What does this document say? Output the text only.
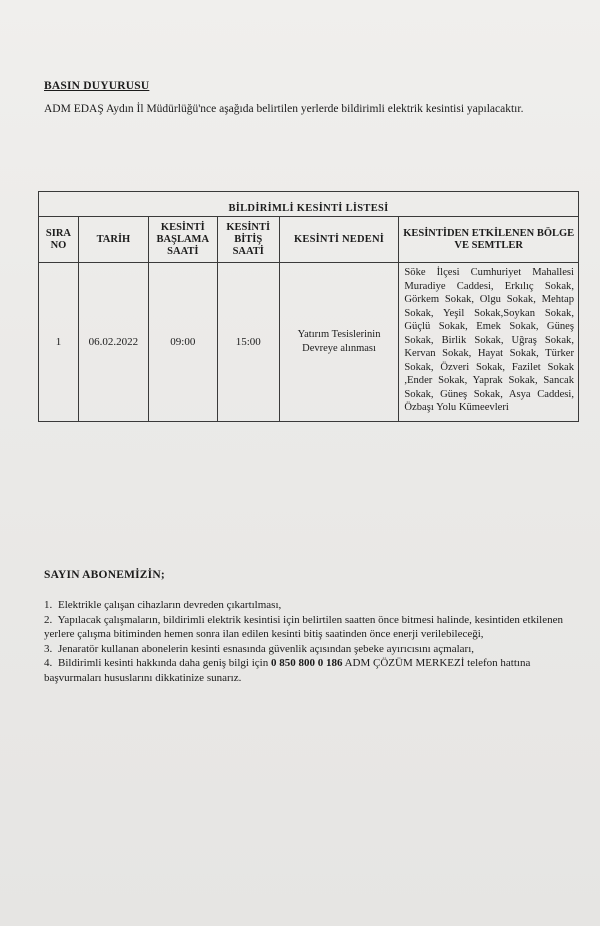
BASIN DUYURUSU
ADM EDAŞ Aydın İl Müdürlüğü'nce aşağıda belirtilen yerlerde bildirimli elektrik kesintisi yapılacaktır.
BİLDİRİMLİ KESİNTİ LİSTESİ					
SIRA NO	TARİH	KESİNTİ BAŞLAMA SAATİ	KESİNTİ BİTİŞ SAATİ	KESİNTİ NEDENİ	KESİNTİDEN ETKİLENEN BÖLGE VE SEMTLER
1	06.02.2022	09:00	15:00	Yatırım Tesislerinin Devreye alınması	Söke İlçesi Cumhuriyet Mahallesi Muradiye Caddesi, Erkılıç Sokak, Görkem Sokak, Olgu Sokak, Mehtap Sokak, Yeşil Sokak,Soykan Sokak, Güçlü Sokak, Emek Sokak, Güneş Sokak, Birlik Sokak, Uğraş Sokak, Kervan Sokak, Hayat Sokak, Türker Sokak, Özveri Sokak, Fazilet Sokak ,Ender Sokak, Yaprak Sokak, Sancak Sokak, Güneş Sokak, Asya Caddesi, Özbaşı Yolu Kümeevleri
SAYIN ABONEMİZİN;
1. Elektrikle çalışan cihazların devreden çıkartılması,
2. Yapılacak çalışmaların, bildirimli elektrik kesintisi için belirtilen saatten önce bitmesi halinde, kesintiden etkilenen yerlere çalışma bitiminden hemen sonra ilan edilen kesinti bitiş saatinden önce enerji verilebileceği,
3. Jenaratör kullanan abonelerin kesinti esnasında güvenlik açısından şebeke ayırıcısını açmaları,
4. Bildirimli kesinti hakkında daha geniş bilgi için 0 850 800 0 186 ADM ÇÖZÜM MERKEZİ telefon hattına başvurmaları hususlarını dikkatinize sunarız.
